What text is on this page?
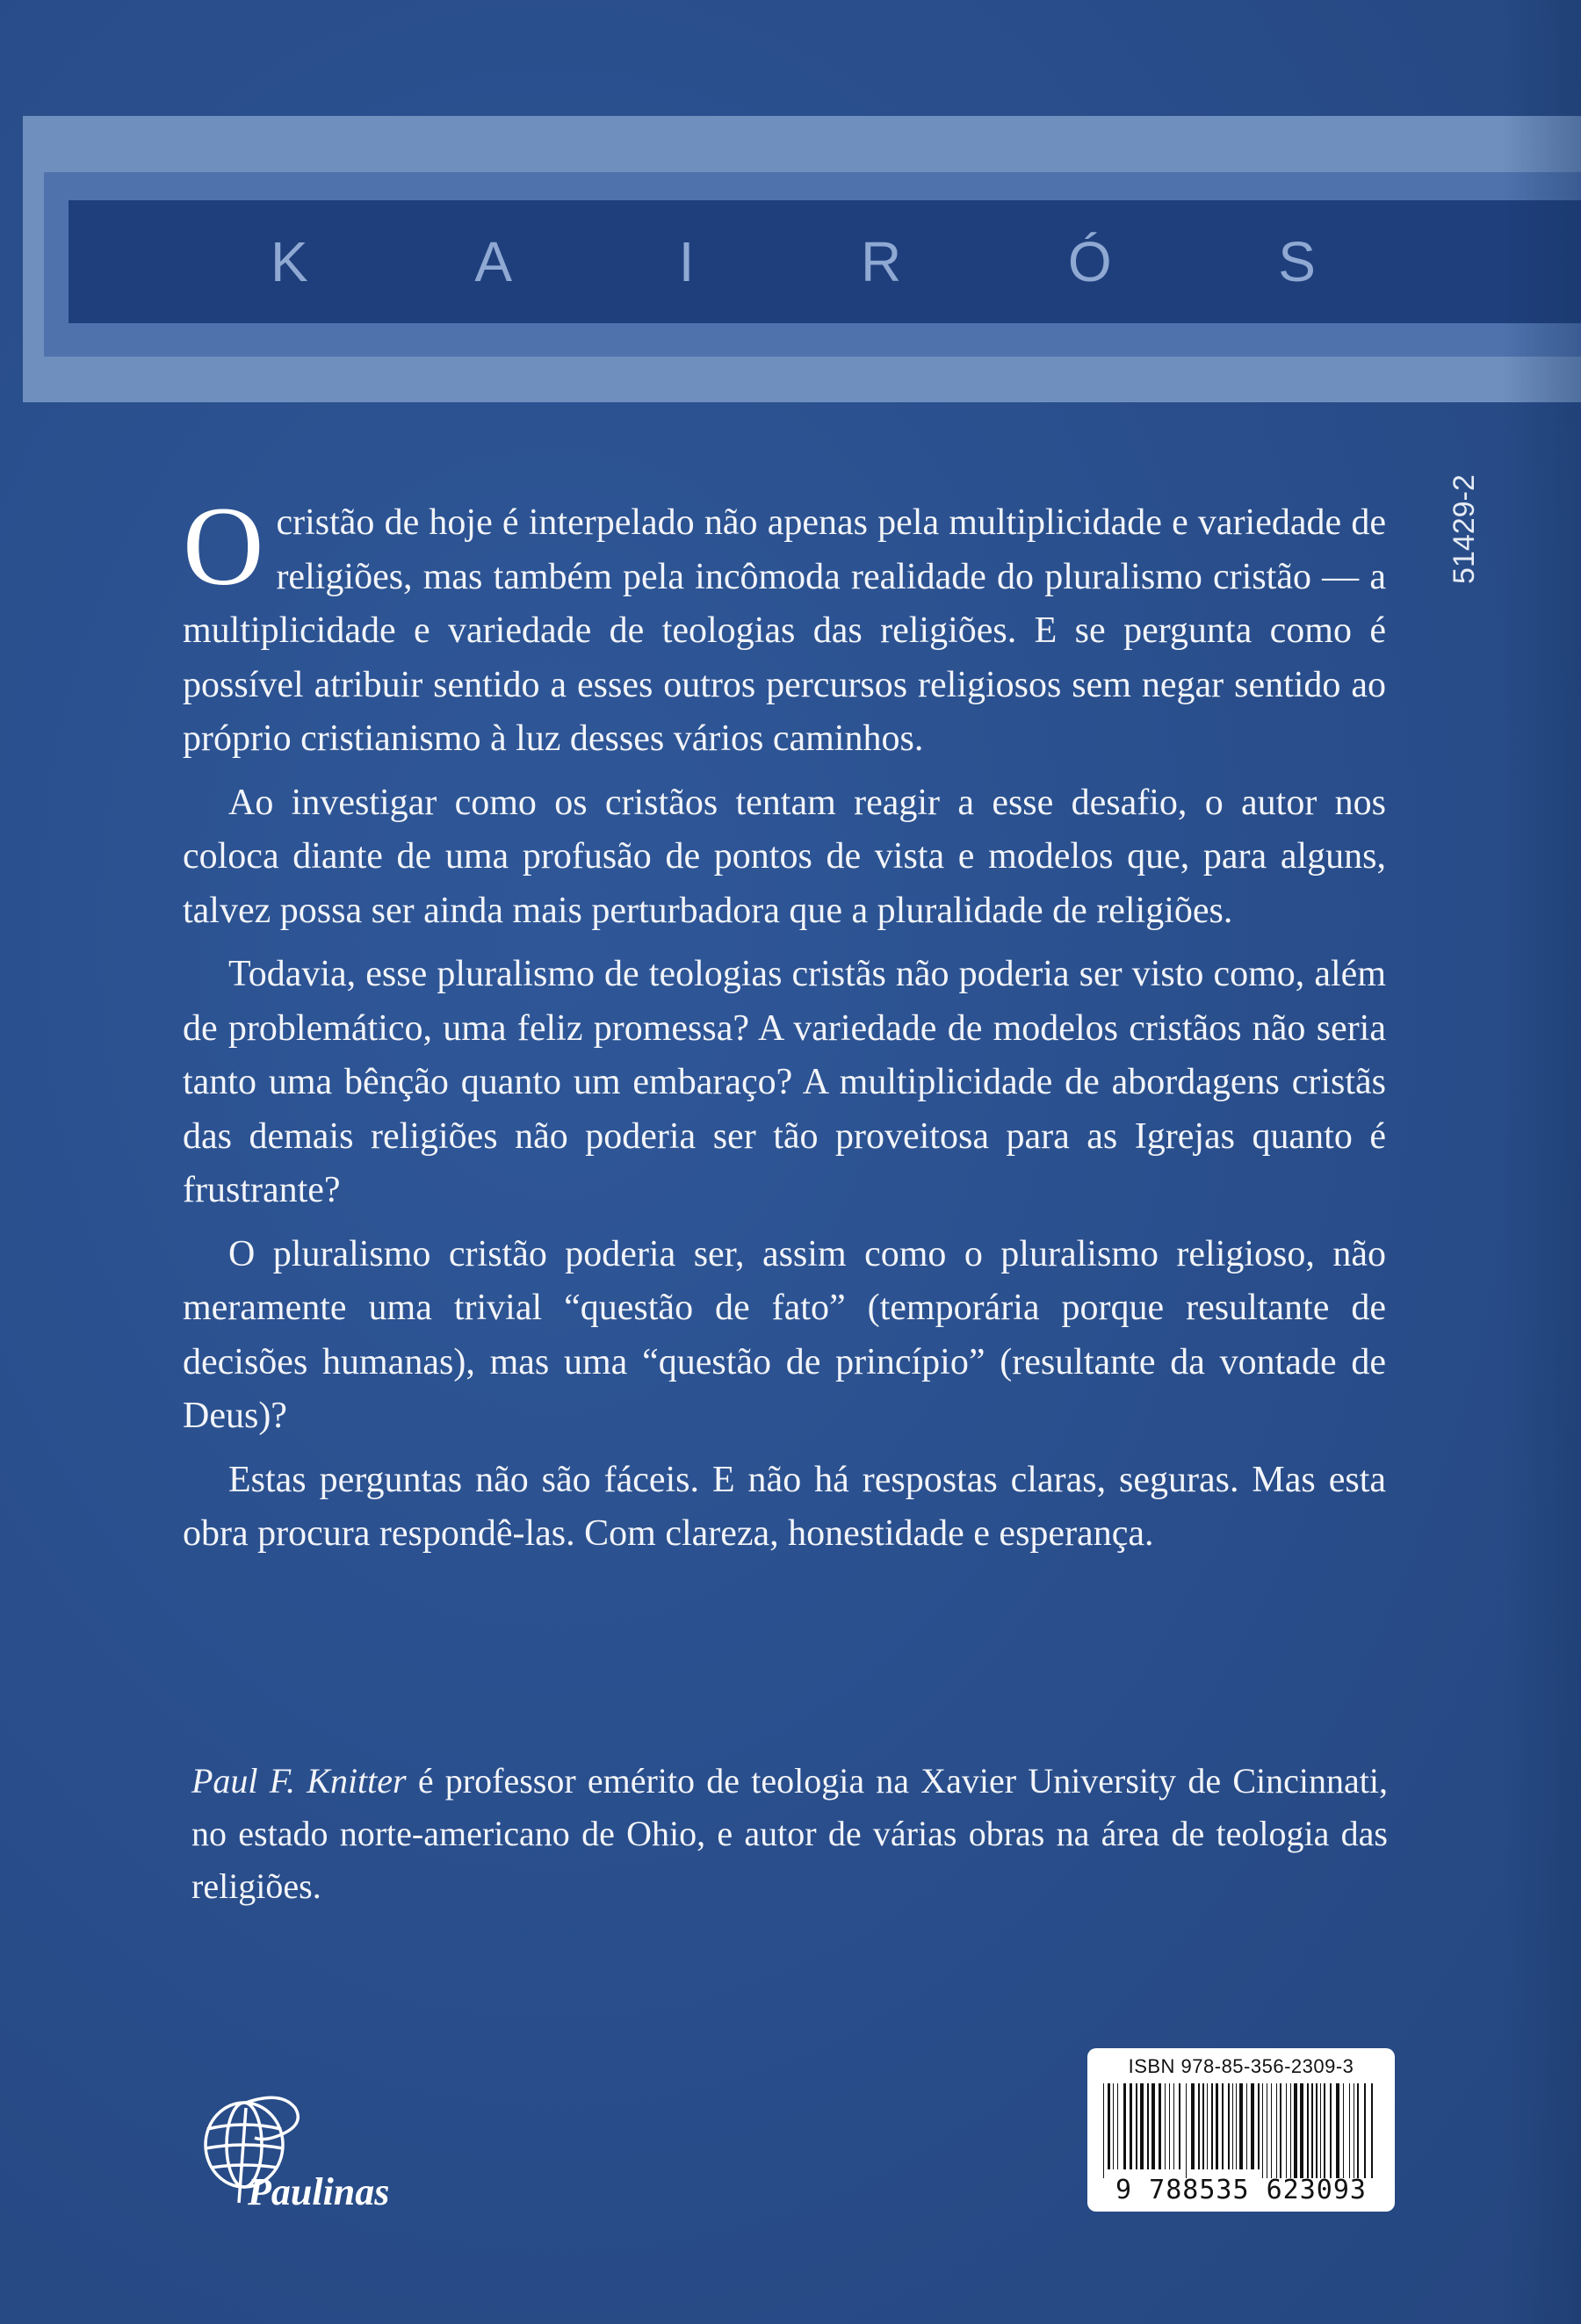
K	A	I	R	Ó	S
51429-2

Ocristão de hoje é interpelado não apenas pela multiplicidade e variedade de religiões, mas também pela incômoda realidade do pluralismo cristão — a multiplicidade e variedade de teologias das religiões. E se pergunta como é possível atribuir sentido a esses outros percursos religiosos sem negar sentido ao próprio cristianismo à luz desses vários caminhos.

Ao investigar como os cristãos tentam reagir a esse desafio, o autor nos coloca diante de uma profusão de pontos de vista e modelos que, para alguns, talvez possa ser ainda mais perturbadora que a pluralidade de religiões.

Todavia, esse pluralismo de teologias cristãs não poderia ser visto como, além de problemático, uma feliz promessa? A variedade de modelos cristãos não seria tanto uma bênção quanto um embaraço? A multiplicidade de abordagens cristãs das demais religiões não poderia ser tão proveitosa para as Igrejas quanto é frustrante?

O pluralismo cristão poderia ser, assim como o pluralismo religioso, não meramente uma trivial “questão de fato” (temporária porque resultante de decisões humanas), mas uma “questão de princípio” (resultante da vontade de Deus)?

Estas perguntas não são fáceis. E não há respostas claras, seguras. Mas esta obra procura respondê-las. Com clareza, honestidade e esperança.

Paul F. Knitter é professor emérito de teologia na Xavier University de Cincinnati, no estado norte-americano de Ohio, e autor de várias obras na área de teologia das religiões.

Paulinas
ISBN 978-85-356-2309-3
9 788535 623093
